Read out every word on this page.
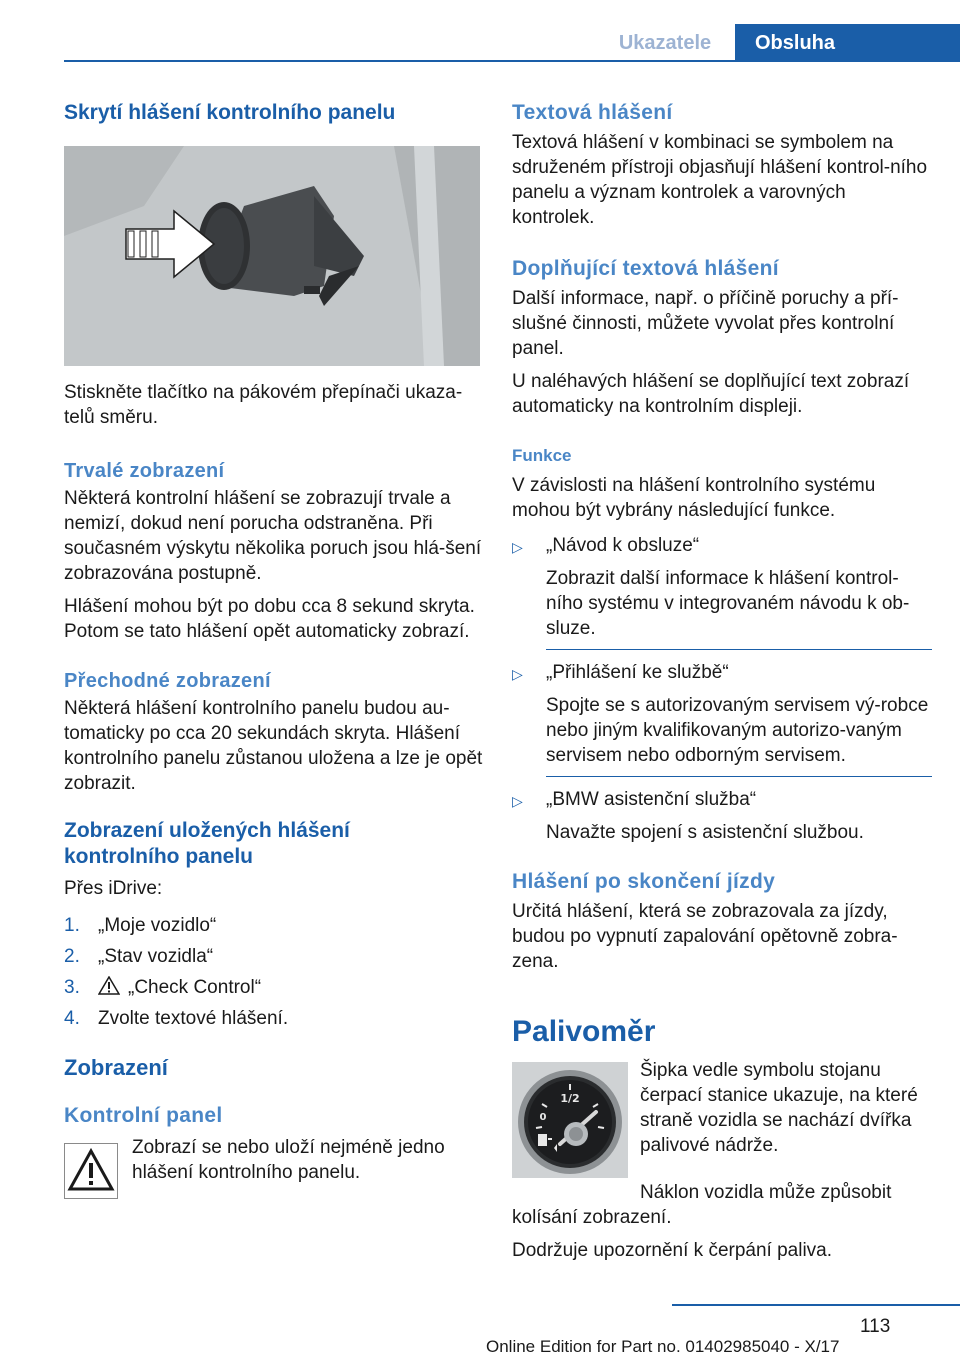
Ukazatele	Obsluha
Skrytí hlášení kontrolního panelu

Stiskněte tlačítko na pákovém přepínači ukaza-telů směru.

Trvalé zobrazení

Některá kontrolní hlášení se zobrazují trvale a nemizí, dokud není porucha odstraněna. Při současném výskytu několika poruch jsou hlá-šení zobrazována postupně.

Hlášení mohou být po dobu cca 8 sekund skryta. Potom se tato hlášení opět automaticky zobrazí.

Přechodné zobrazení

Některá hlášení kontrolního panelu budou au-tomaticky po cca 20 sekundách skryta. Hlášení kontrolního panelu zůstanou uložena a lze je opět zobrazit.

Zobrazení uložených hlášení
kontrolního panelu

Přes iDrive:

1. „Moje vozidlo“
2. „Stav vozidla“
3.	„Check Control“
4. Zvolte textové hlášení.
Zobrazení
Kontrolní panel

Zobrazí se nebo uloží nejméně jedno hlášení kontrolního panelu.

Textová hlášení

Textová hlášení v kombinaci se symbolem na sdruženém přístroji objasňují hlášení kontrol-ního panelu a význam kontrolek a varovných kontrolek.

Doplňující textová hlášení

Další informace, např. o příčině poruchy a pří-slušné činnosti, můžete vyvolat přes kontrolní panel.

U naléhavých hlášení se doplňující text zobrazí automaticky na kontrolním displeji.

Funkce

V závislosti na hlášení kontrolního systému mohou být vybrány následující funkce.

▷ „Návod k obsluze“
Zobrazit další informace k hlášení kontrol-ního systému v integrovaném návodu k ob-sluze.
▷ „Přihlášení ke službě“
Spojte se s autorizovaným servisem vý-robce nebo jiným kvalifikovaným autorizo-vaným servisem nebo odborným servisem.
▷ „BMW asistenční služba“
Navažte spojení s asistenční službou.
Hlášení po skončení jízdy

Určitá hlášení, která se zobrazovala za jízdy, budou po vypnutí zapalování opětovně zobra-zena.

Palivoměr
1/2
0

Šipka vedle symbolu stojanu čerpací stanice ukazuje, na které straně vozidla se nachází dvířka palivové nádrže.

Náklon vozidla může způsobit kolísání zobrazení.

Dodržuje upozornění k čerpání paliva.

113
Online Edition for Part no. 01402985040 - X/17
